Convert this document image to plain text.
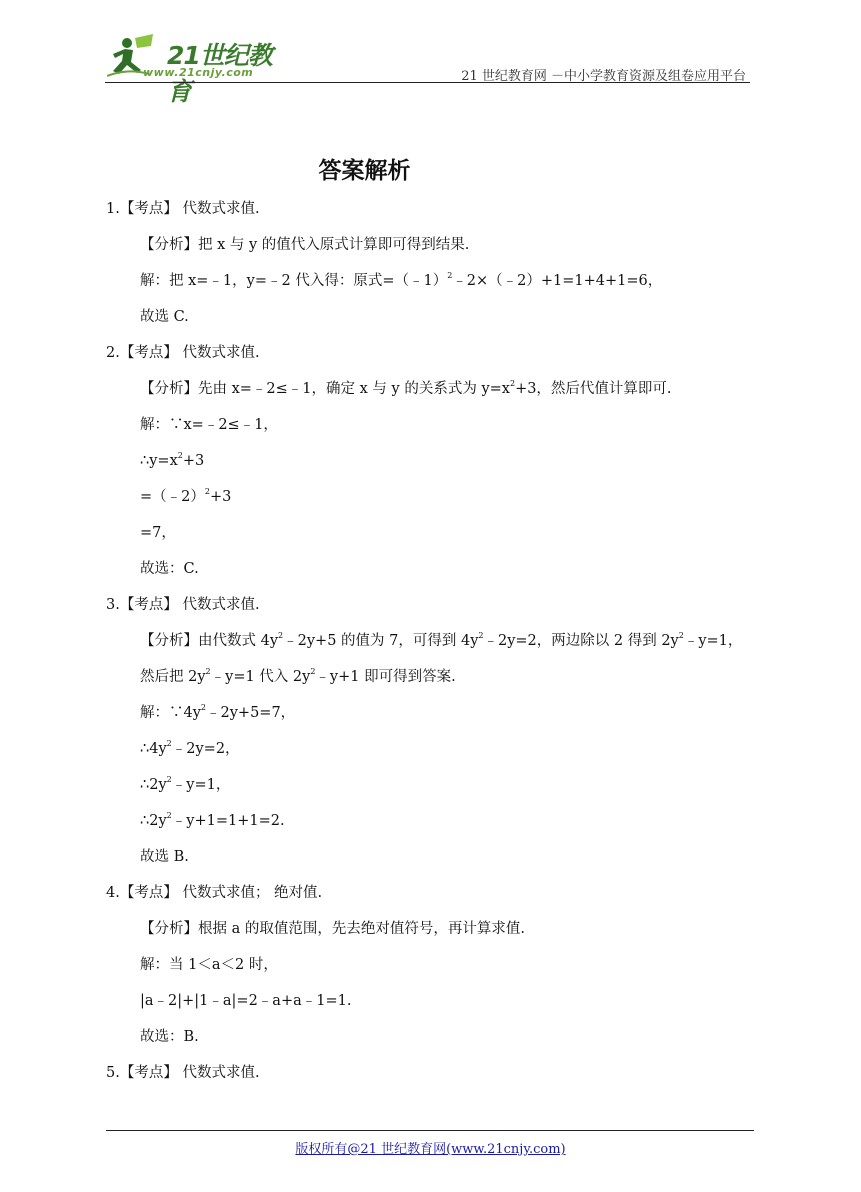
21世纪教育
www.21cnjy.com	21 世纪教育网 －中小学教育资源及组卷应用平台
答案解析
1.【考点】 代数式求值.
【分析】把 x 与 y 的值代入原式计算即可得到结果.
解：把 x=﹣1，y=﹣2 代入得：原式=（﹣1）$^2$﹣2×（﹣2）+1=1+4+1=6，
故选 C.
2.【考点】 代数式求值.
【分析】先由 x=﹣2≤﹣1，确定 x 与 y 的关系式为 $y=x^2+3$，然后代值计算即可.
解：∵x=﹣2≤﹣1，
$\therefore y=x^2+3$
=（﹣2）$^2$+3
=7，
故选：C.
3.【考点】 代数式求值.
【分析】由代数式 $4y^2﹣2y+5$ 的值为 7，可得到 $4y^2﹣2y=2$，两边除以 2 得到 $2y^2﹣y=1$，
然后把 $2y^2﹣y=1$ 代入 $2y^2﹣y+1$ 即可得到答案.
解：$\because 4y^2﹣2y+5=7$，
$\therefore 4y^2﹣2y=2$，
$\therefore 2y^2﹣y=1$，
$\therefore 2y^2﹣y+1=1+1=2$.
故选 B.
4.【考点】 代数式求值； 绝对值.
【分析】根据 a 的取值范围，先去绝对值符号，再计算求值.
解：当 1＜a＜2 时，
|a﹣2|+|1﹣a|=2﹣a+a﹣1=1.
故选：B.
5.【考点】 代数式求值.
版权所有@21 世纪教育网(www.21cnjy.com)
